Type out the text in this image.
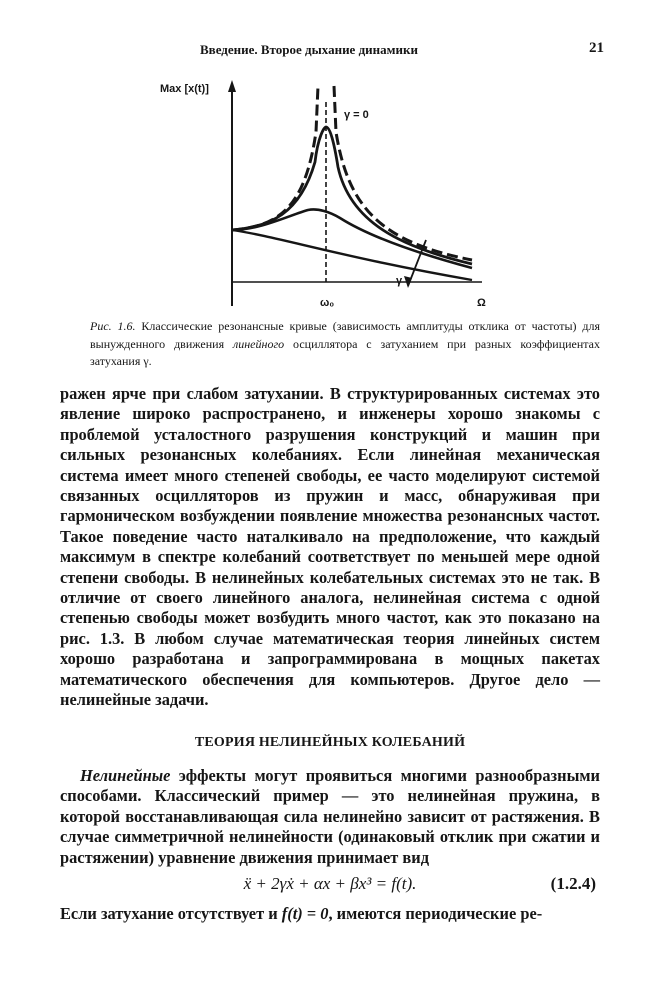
Введение. Второе дыхание динамики	21
Max [x(t)]
γ = 0
γ
ω₀	Ω
Рис. 1.6. Классические резонансные кривые (зависимость амплитуды отклика от частоты) для вынужденного движения линейного осциллятора с затуханием при разных коэффициентах затухания γ.

ражен ярче при слабом затухании. В структурированных системах это явление широко распространено, и инженеры хорошо знакомы с проблемой усталостного разрушения конструкций и машин при сильных резонансных колебаниях. Если линейная механическая система имеет много степеней свободы, ее часто моделируют системой связанных осцилляторов из пружин и масс, обнаруживая при гармоническом возбуждении появление множества резонансных частот. Такое поведение часто наталкивало на предположение, что каждый максимум в спектре колебаний соответствует по меньшей мере одной степени свободы. В нелинейных колебательных системах это не так. В отличие от своего линейного аналога, нелинейная система с одной степенью свободы может возбудить много частот, как это показано на рис. 1.3. В любом случае математическая теория линейных систем хорошо разработана и запрограммирована в мощных пакетах математического обеспечения для компьютеров. Другое дело — нелинейные задачи.

ТЕОРИЯ НЕЛИНЕЙНЫХ КОЛЕБАНИЙ

Нелинейные эффекты могут проявиться многими разнообразными способами. Классический пример — это нелинейная пружина, в которой восстанавливающая сила нелинейно зависит от растяжения. В случае симметричной нелинейности (одинаковый отклик при сжатии и растяжении) уравнение движения принимает вид

ẍ + 2γẋ + αx + βx³ = f(t).	(1.2.4)

Если затухание отсутствует и f(t) = 0, имеются периодические ре-
